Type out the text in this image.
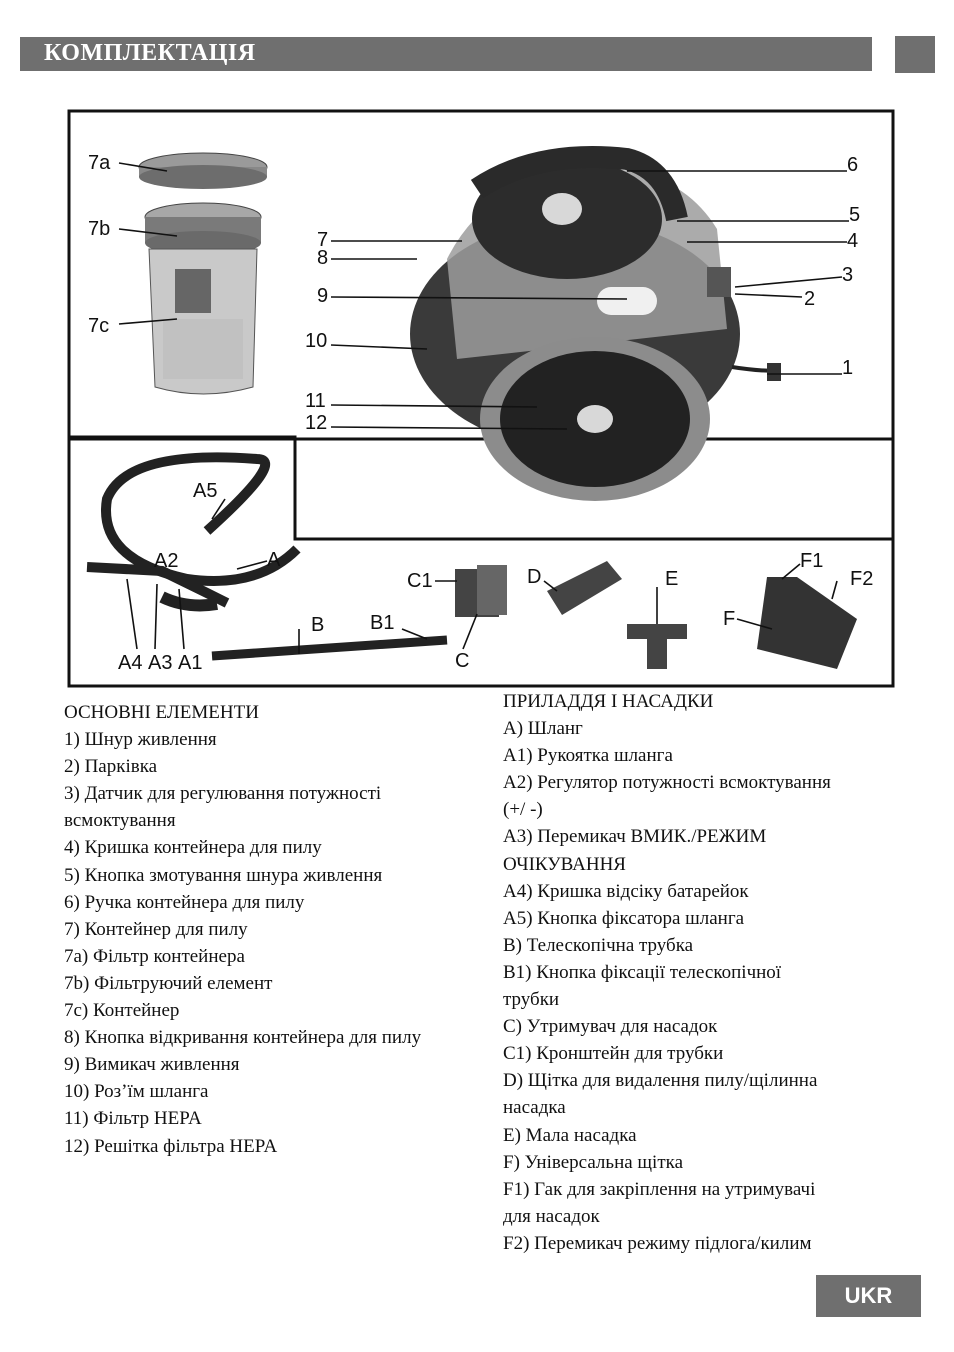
КОМПЛЕКТАЦІЯ
7a
7b
7c
6
5
4
3
2
1
7
8
9
10
11
12
A5
A
A2
A4 A3 A1
B B1
C1
C
D	E
F1
F2
F
ОСНОВНІ ЕЛЕМЕНТИ
1) Шнур живлення
2) Парківка
3) Датчик для регулювання потужності
всмоктування
4) Кришка контейнера для пилу
5) Кнопка змотування шнура живлення
6) Ручка контейнера для пилу
7) Контейнер для пилу
7a) Фільтр контейнера
7b) Фільтруючий елемент
7c) Контейнер
8) Кнопка відкривання контейнера для пилу
9) Вимикач живлення
10) Роз’їм шланга
11) Фільтр HEPA
12) Решітка фільтра HEPA
ПРИЛАДДЯ І НАСАДКИ
A) Шланг
A1) Рукоятка шланга
A2) Регулятор потужності всмоктування
(+/ -)
A3) Перемикач ВМИК./РЕЖИМ
ОЧІКУВАННЯ
A4) Кришка відсіку батарейок
A5) Кнопка фіксатора шланга
B) Телескопічна трубка
B1) Кнопка фіксації телескопічної
трубки
C) Утримувач для насадок
C1) Кронштейн для трубки
D) Щітка для видалення пилу/щілинна
насадка
E) Мала насадка
F) Універсальна щітка
F1) Гак для закріплення на утримувачі
для насадок
F2) Перемикач режиму підлога/килим
UKR
